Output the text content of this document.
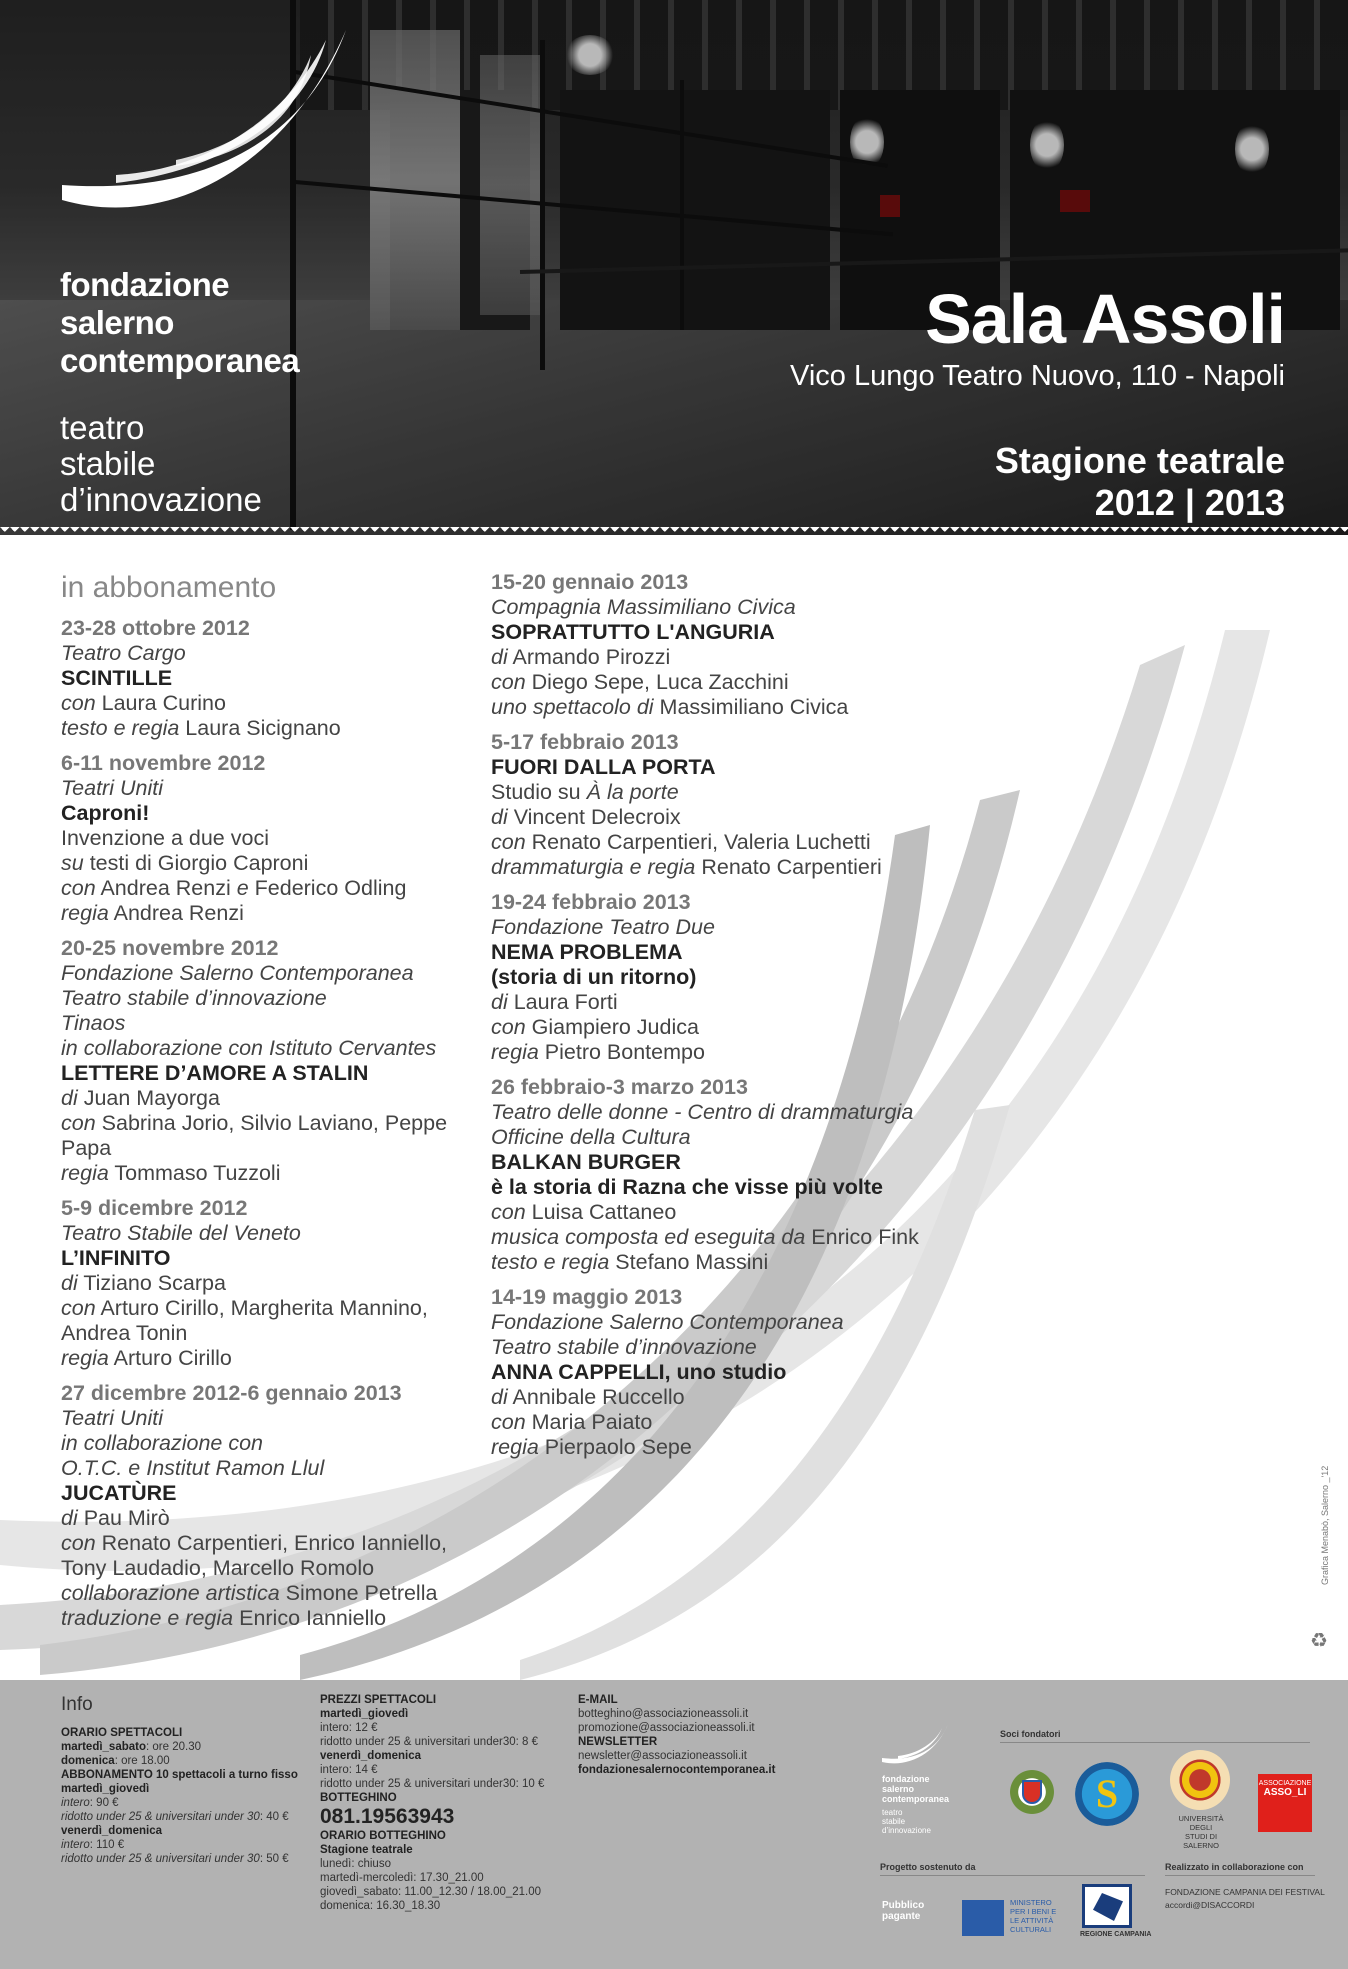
fondazione
salerno
contemporanea
teatro
stabile
d’innovazione
Sala Assoli
Vico Lungo Teatro Nuovo, 110 - Napoli
Stagione teatrale
2012 | 2013
in abbonamento
23-28 ottobre 2012
Teatro Cargo
SCINTILLE
con Laura Curino
testo e regia Laura Sicignano
6-11 novembre 2012
Teatri Uniti
Caproni!
Invenzione a due voci
su testi di Giorgio Caproni
con Andrea Renzi e Federico Odling
regia Andrea Renzi
20-25 novembre 2012
Fondazione Salerno Contemporanea
Teatro stabile d’innovazione
Tinaos
in collaborazione con Istituto Cervantes
LETTERE D’AMORE A STALIN
di Juan Mayorga
con Sabrina Jorio, Silvio Laviano, Peppe Papa
regia Tommaso Tuzzoli
5-9 dicembre 2012
Teatro Stabile del Veneto
L’INFINITO
di Tiziano Scarpa
con Arturo Cirillo, Margherita Mannino,
Andrea Tonin
regia Arturo Cirillo
27 dicembre 2012-6 gennaio 2013
Teatri Uniti
in collaborazione con
O.T.C. e Institut Ramon Llul
JUCATÙRE
di Pau Mirò
con Renato Carpentieri, Enrico Ianniello,
Tony Laudadio, Marcello Romolo
collaborazione artistica Simone Petrella
traduzione e regia Enrico Ianniello
15-20 gennaio 2013
Compagnia Massimiliano Civica
SOPRATTUTTO L'ANGURIA
di Armando Pirozzi
con Diego Sepe, Luca Zacchini
uno spettacolo di Massimiliano Civica
5-17 febbraio 2013
FUORI DALLA PORTA
Studio su À la porte
di Vincent Delecroix
con Renato Carpentieri, Valeria Luchetti
drammaturgia e regia Renato Carpentieri
19-24 febbraio 2013
Fondazione Teatro Due
NEMA PROBLEMA
(storia di un ritorno)
di Laura Forti
con Giampiero Judica
regia Pietro Bontempo
26 febbraio-3 marzo 2013
Teatro delle donne - Centro di drammaturgia
Officine della Cultura
BALKAN BURGER
è la storia di Razna che visse più volte
con Luisa Cattaneo
musica composta ed eseguita da Enrico Fink
testo e regia Stefano Massini
14-19 maggio 2013
Fondazione Salerno Contemporanea
Teatro stabile d’innovazione
ANNA CAPPELLI, uno studio
di Annibale Ruccello
con Maria Paiato
regia Pierpaolo Sepe
Grafica Menabò, Salerno _'12
♻
Info
ORARIO SPETTACOLI
martedì_sabato: ore 20.30
domenica: ore 18.00
ABBONAMENTO 10 spettacoli a turno fisso
martedì_giovedì
intero: 90 €
ridotto under 25 & universitari under 30: 40 €
venerdì_domenica
intero: 110 €
ridotto under 25 & universitari under 30: 50 €
PREZZI SPETTACOLI
martedì_giovedì
intero: 12 €
ridotto under 25 & universitari under30: 8 €
venerdì_domenica
intero: 14 €
ridotto under 25 & universitari under30: 10 €
BOTTEGHINO
081.19563943
ORARIO BOTTEGHINO
Stagione teatrale
lunedì: chiuso
martedì-mercoledì: 17.30_21.00
giovedì_sabato: 11.00_12.30 / 18.00_21.00
domenica: 16.30_18.30
E-MAIL
botteghino@associazioneassoli.it
promozione@associazioneassoli.it
NEWSLETTER
newsletter@associazioneassoli.it
fondazionesalernocontemporanea.it
fondazione
salerno
contemporanea
teatro
stabile
d’innovazione
Soci fondatori
S
UNIVERSITÀ DEGLI
STUDI DI SALERNO
ASSOCIAZIONE
ASSO_LI
Progetto sostenuto da
Pubblico
pagante
MINISTERO
PER I BENI E
LE ATTIVITÀ
CULTURALI
REGIONE CAMPANIA
Realizzato in collaborazione con
FONDAZIONE CAMPANIA DEI FESTIVAL
accordi@DISACCORDI
